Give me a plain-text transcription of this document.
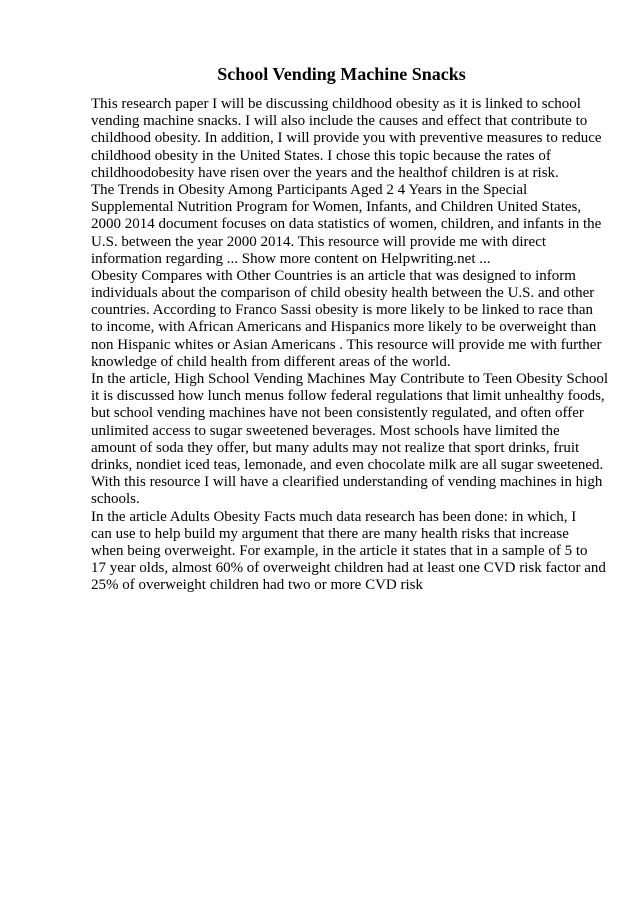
School Vending Machine Snacks
This research paper I will be discussing childhood obesity as it is linked to school
vending machine snacks. I will also include the causes and effect that contribute to
childhood obesity. In addition, I will provide you with preventive measures to reduce
childhood obesity in the United States. I chose this topic because the rates of
childhoodobesity have risen over the years and the healthof children is at risk.
The Trends in Obesity Among Participants Aged 2 4 Years in the Special
Supplemental Nutrition Program for Women, Infants, and Children United States,
2000 2014 document focuses on data statistics of women, children, and infants in the
U.S. between the year 2000 2014. This resource will provide me with direct
information regarding ... Show more content on Helpwriting.net ...
Obesity Compares with Other Countries is an article that was designed to inform
individuals about the comparison of child obesity health between the U.S. and other
countries. According to Franco Sassi obesity is more likely to be linked to race than
to income, with African Americans and Hispanics more likely to be overweight than
non Hispanic whites or Asian Americans . This resource will provide me with further
knowledge of child health from different areas of the world.
In the article, High School Vending Machines May Contribute to Teen Obesity School
it is discussed how lunch menus follow federal regulations that limit unhealthy foods,
but school vending machines have not been consistently regulated, and often offer
unlimited access to sugar sweetened beverages. Most schools have limited the
amount of soda they offer, but many adults may not realize that sport drinks, fruit
drinks, nondiet iced teas, lemonade, and even chocolate milk are all sugar sweetened.
With this resource I will have a clearified understanding of vending machines in high
schools.
In the article Adults Obesity Facts much data research has been done: in which, I
can use to help build my argument that there are many health risks that increase
when being overweight. For example, in the article it states that in a sample of 5 to
17 year olds, almost 60% of overweight children had at least one CVD risk factor and
25% of overweight children had two or more CVD risk
